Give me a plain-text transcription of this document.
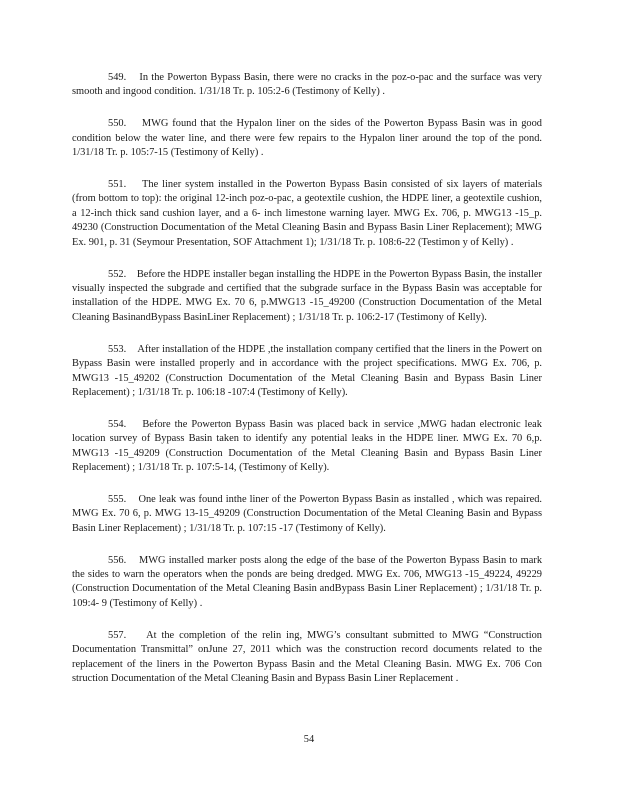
549. In the Powerton Bypass Basin, there were no cracks in the poz-o-pac and the surface was very smooth and ingood condition. 1/31/18 Tr. p. 105:2-6 (Testimony of Kelly) .

550. MWG found that the Hypalon liner on the sides of the Powerton Bypass Basin was in good condition below the water line, and there were few repairs to the Hypalon liner around the top of the pond. 1/31/18 Tr. p. 105:7-15 (Testimony of Kelly) .

551. The liner system installed in the Powerton Bypass Basin consisted of six layers of materials (from bottom to top): the original 12-inch poz-o-pac, a geotextile cushion, the HDPE liner, a geotextile cushion, a 12-inch thick sand cushion layer, and a 6- inch limestone warning layer. MWG Ex. 706, p. MWG13 -15_p. 49230 (Construction Documentation of the Metal Cleaning Basin and Bypass Basin Liner Replacement); MWG Ex. 901, p. 31 (Seymour Presentation, SOF Attachment 1); 1/31/18 Tr. p. 108:6-22 (Testimon y of Kelly) .

552. Before the HDPE installer began installing the HDPE in the Powerton Bypass Basin, the installer visually inspected the subgrade and certified that the subgrade surface in the Bypass Basin was acceptable for installation of the HDPE. MWG Ex. 70 6, p.MWG13 -15_49200 (Construction Documentation of the Metal Cleaning BasinandBypass BasinLiner Replacement) ; 1/31/18 Tr. p. 106:2-17 (Testimony of Kelly).

553. After installation of the HDPE ,the installation company certified that the liners in the Powert on Bypass Basin were installed properly and in accordance with the project specifications. MWG Ex. 706, p. MWG13 -15_49202 (Construction Documentation of the Metal Cleaning Basin and Bypass Basin Liner Replacement) ; 1/31/18 Tr. p. 106:18 -107:4 (Testimony of Kelly).

554. Before the Powerton Bypass Basin was placed back in service ,MWG hadan electronic leak location survey of Bypass Basin taken to identify any potential leaks in the HDPE liner. MWG Ex. 70 6,p. MWG13 -15_49209 (Construction Documentation of the Metal Cleaning Basin and Bypass Basin Liner Replacement) ; 1/31/18 Tr. p. 107:5-14, (Testimony of Kelly).

555. One leak was found inthe liner of the Powerton Bypass Basin as installed , which was repaired. MWG Ex. 70 6, p. MWG 13-15_49209 (Construction Documentation of the Metal Cleaning Basin and Bypass Basin Liner Replacement) ; 1/31/18 Tr. p. 107:15 -17 (Testimony of Kelly).

556. MWG installed marker posts along the edge of the base of the Powerton Bypass Basin to mark the sides to warn the operators when the ponds are being dredged. MWG Ex. 706, MWG13 -15_49224, 49229 (Construction Documentation of the Metal Cleaning Basin andBypass Basin Liner Replacement) ; 1/31/18 Tr. p. 109:4- 9 (Testimony of Kelly) .

557. At the completion of the relin ing, MWG’s consultant submitted to MWG “Construction Documentation Transmittal” onJune 27, 2011 which was the construction record documents related to the replacement of the liners in the Powerton Bypass Basin and the Metal Cleaning Basin. MWG Ex. 706 Con struction Documentation of the Metal Cleaning Basin and Bypass Basin Liner Replacement .

54
